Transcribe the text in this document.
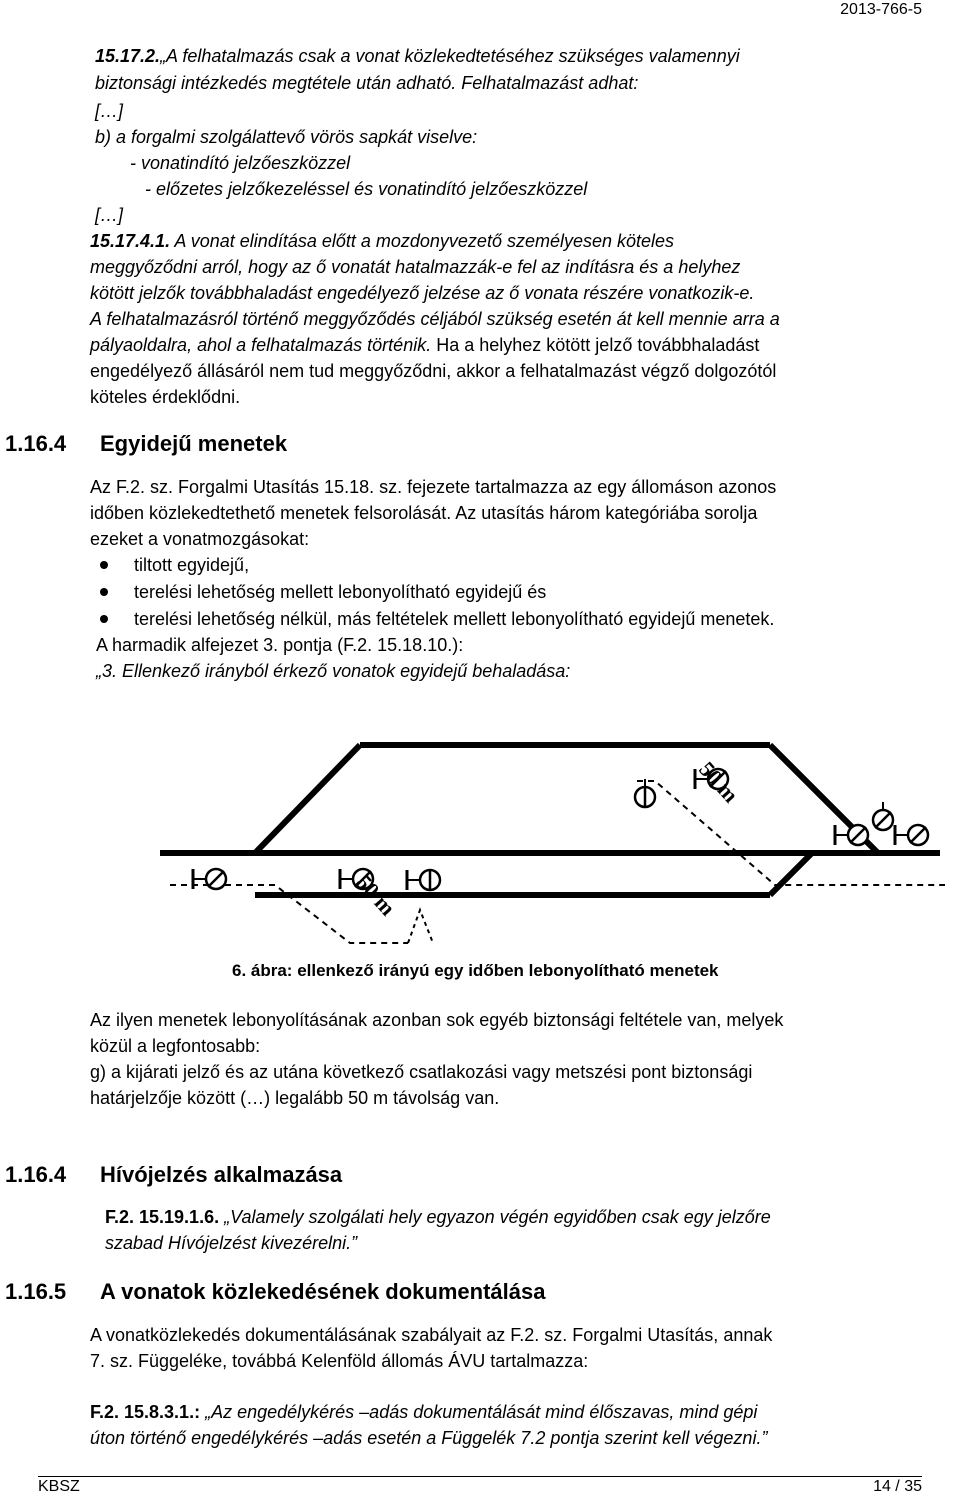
2013-766-5
15.17.2.„A felhatalmazás csak a vonat közlekedtetéséhez szükséges valamennyi
biztonsági intézkedés megtétele után adható. Felhatalmazást adhat:
[…]
b) a forgalmi szolgálattevő vörös sapkát viselve:
- vonatindító jelzőeszközzel
- előzetes jelzőkezeléssel és vonatindító jelzőeszközzel
[…]
15.17.4.1. A vonat elindítása előtt a mozdonyvezető személyesen köteles
meggyőződni arról, hogy az ő vonatát hatalmazzák-e fel az indításra és a helyhez
kötött jelzők továbbhaladást engedélyező jelzése az ő vonata részére vonatkozik-e.
A felhatalmazásról történő meggyőződés céljából szükség esetén át kell mennie arra a
pályaoldalra, ahol a felhatalmazás történik. Ha a helyhez kötött jelző továbbhaladást
engedélyező állásáról nem tud meggyőződni, akkor a felhatalmazást végző dolgozótól
köteles érdeklődni.
1.16.4 Egyidejű menetek
Az F.2. sz. Forgalmi Utasítás 15.18. sz. fejezete tartalmazza az egy állomáson azonos
időben közlekedtethető menetek felsorolását. Az utasítás három kategóriába sorolja
ezeket a vonatmozgásokat:
tiltott egyidejű,
terelési lehetőség mellett lebonyolítható egyidejű és
terelési lehetőség nélkül, más feltételek mellett lebonyolítható egyidejű menetek.
A harmadik alfejezet 3. pontja (F.2. 15.18.10.):
„3. Ellenkező irányból érkező vonatok egyidejű behaladása:
50 m
50 m
6. ábra: ellenkező irányú egy időben lebonyolítható menetek
Az ilyen menetek lebonyolításának azonban sok egyéb biztonsági feltétele van, melyek
közül a legfontosabb:
g) a kijárati jelző és az utána következő csatlakozási vagy metszési pont biztonsági
határjelzője között (…) legalább 50 m távolság van.
1.16.4 Hívójelzés alkalmazása
F.2. 15.19.1.6. „Valamely szolgálati hely egyazon végén egyidőben csak egy jelzőre
szabad Hívójelzést kivezérelni.”
1.16.5 A vonatok közlekedésének dokumentálása
A vonatközlekedés dokumentálásának szabályait az F.2. sz. Forgalmi Utasítás, annak
7. sz. Függeléke, továbbá Kelenföld állomás ÁVU tartalmazza:
F.2. 15.8.3.1.: „Az engedélykérés –adás dokumentálását mind élőszavas, mind gépi
úton történő engedélykérés –adás esetén a Függelék 7.2 pontja szerint kell végezni.”
KBSZ	14 / 35
